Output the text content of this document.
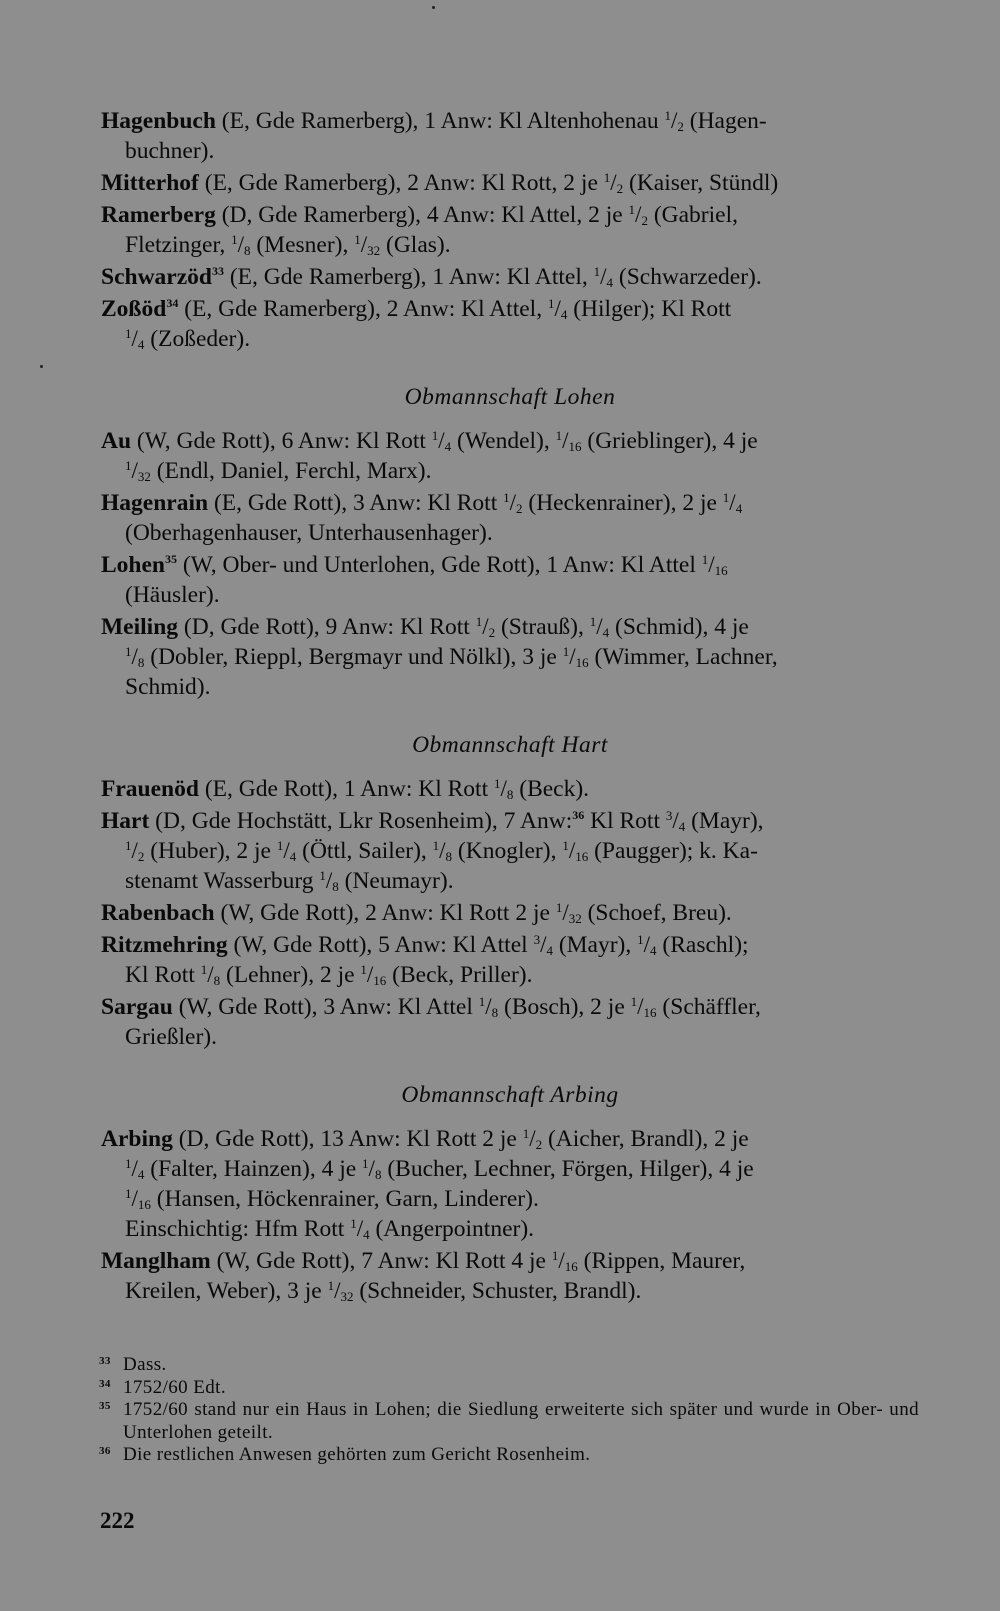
Hagenbuch (E, Gde Ramerberg), 1 Anw: Kl Altenhohenau $^1$/2 (Hagen-
buchner).

Mitterhof (E, Gde Ramerberg), 2 Anw: Kl Rott, 2 je $^1$/2 (Kaiser, Stündl)

Ramerberg (D, Gde Ramerberg), 4 Anw: Kl Attel, 2 je $^1$/2 (Gabriel,
Fletzinger, $^1$/8 (Mesner), $^1$/32 (Glas).

Schwarzöd$^{33}$ (E, Gde Ramerberg), 1 Anw: Kl Attel, $^1$/4 (Schwarzeder).

Zoßöd$^{34}$ (E, Gde Ramerberg), 2 Anw: Kl Attel, $^1$/4 (Hilger); Kl Rott
$^1$/4 (Zoßeder).

Obmannschaft Lohen

Au (W, Gde Rott), 6 Anw: Kl Rott $^1$/4 (Wendel), $^1$/16 (Grieblinger), 4 je
$^1$/32 (Endl, Daniel, Ferchl, Marx).

Hagenrain (E, Gde Rott), 3 Anw: Kl Rott $^1$/2 (Heckenrainer), 2 je $^1$/4
(Oberhagenhauser, Unterhausenhager).

Lohen$^{35}$ (W, Ober- und Unterlohen, Gde Rott), 1 Anw: Kl Attel $^1$/16
(Häusler).

Meiling (D, Gde Rott), 9 Anw: Kl Rott $^1$/2 (Strauß), $^1$/4 (Schmid), 4 je
$^1$/8 (Dobler, Rieppl, Bergmayr und Nölkl), 3 je $^1$/16 (Wimmer, Lachner,
Schmid).

Obmannschaft Hart

Frauenöd (E, Gde Rott), 1 Anw: Kl Rott $^1$/8 (Beck).

Hart (D, Gde Hochstätt, Lkr Rosenheim), 7 Anw:$^{36}$ Kl Rott $^3$/4 (Mayr),
$^1$/2 (Huber), 2 je $^1$/4 (Öttl, Sailer), $^1$/8 (Knogler), $^1$/16 (Paugger); k. Ka-
stenamt Wasserburg $^1$/8 (Neumayr).

Rabenbach (W, Gde Rott), 2 Anw: Kl Rott 2 je $^1$/32 (Schoef, Breu).

Ritzmehring (W, Gde Rott), 5 Anw: Kl Attel $^3$/4 (Mayr), $^1$/4 (Raschl);
Kl Rott $^1$/8 (Lehner), 2 je $^1$/16 (Beck, Priller).

Sargau (W, Gde Rott), 3 Anw: Kl Attel $^1$/8 (Bosch), 2 je $^1$/16 (Schäffler,
Grießler).

Obmannschaft Arbing

Arbing (D, Gde Rott), 13 Anw: Kl Rott 2 je $^1$/2 (Aicher, Brandl), 2 je
$^1$/4 (Falter, Hainzen), 4 je $^1$/8 (Bucher, Lechner, Förgen, Hilger), 4 je
$^1$/16 (Hansen, Höckenrainer, Garn, Linderer).
Einschichtig: Hfm Rott $^1$/4 (Angerpointner).

Manglham (W, Gde Rott), 7 Anw: Kl Rott 4 je $^1$/16 (Rippen, Maurer,
Kreilen, Weber), 3 je $^1$/32 (Schneider, Schuster, Brandl).

$^{33}$ Dass.
$^{34}$ 1752/60 Edt.
$^{35}$ 1752/60 stand nur ein Haus in Lohen; die Siedlung erweiterte sich später und wurde in Ober- und Unterlohen geteilt.
$^{36}$ Die restlichen Anwesen gehörten zum Gericht Rosenheim.
222
